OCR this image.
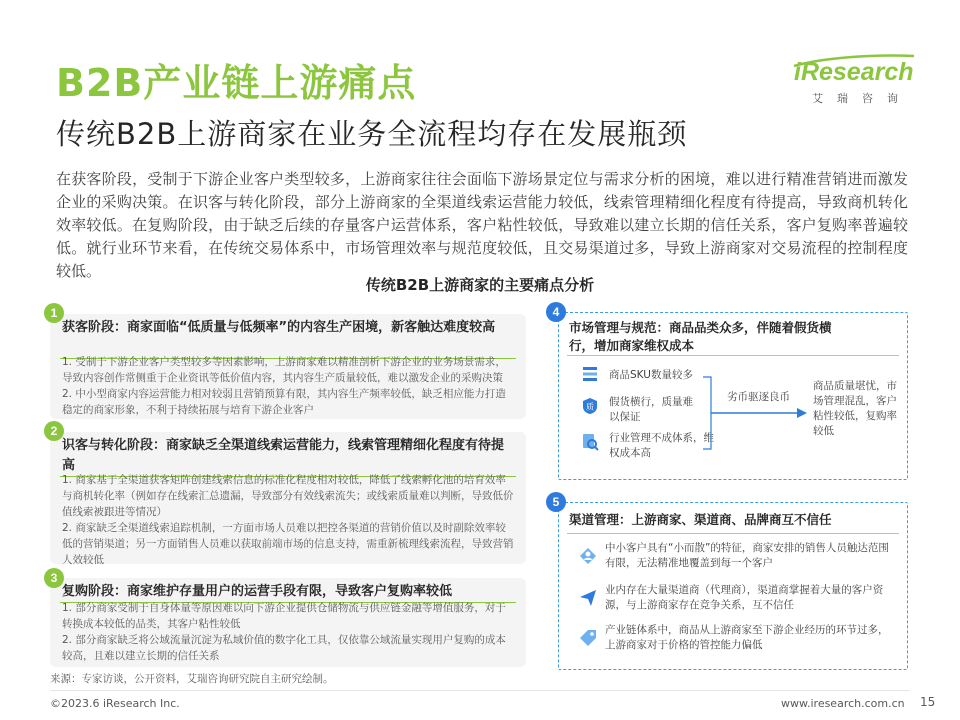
B2B产业链上游痛点
传统B2B上游商家在业务全流程均存在发展瓶颈
iResearch
艾瑞咨询
在获客阶段，受制于下游企业客户类型较多，上游商家往往会面临下游场景定位与需求分析的困境，难以进行精准营销进而激发企业的采购决策。在识客与转化阶段，部分上游商家的全渠道线索运营能力较低，线索管理精细化程度有待提高，导致商机转化效率较低。在复购阶段，由于缺乏后续的存量客户运营体系，客户粘性较低，导致难以建立长期的信任关系，客户复购率普遍较低。就行业环节来看，在传统交易体系中，市场管理效率与规范度较低，且交易渠道过多，导致上游商家对交易流程的控制程度较低。
传统B2B上游商家的主要痛点分析
获客阶段：商家面临“低质量与低频率”的内容生产困境，新客触达难度较高
1. 受制于下游企业客户类型较多等因素影响，上游商家难以精准剖析下游企业的业务场景需求，导致内容创作常侧重于企业资讯等低价值内容，其内容生产质量较低，难以激发企业的采购决策
2. 中小型商家内容运营能力相对较弱且营销预算有限，其内容生产频率较低，缺乏相应能力打造稳定的商家形象，不利于持续拓展与培育下游企业客户
1
识客与转化阶段：商家缺乏全渠道线索运营能力，线索管理精细化程度有待提高
1. 商家基于全渠道获客矩阵创建线索信息的标准化程度相对较低，降低了线索孵化池的培育效率与商机转化率（例如存在线索汇总遗漏，导致部分有效线索流失；或线索质量难以判断，导致低价值线索被跟进等情况）
2. 商家缺乏全渠道线索追踪机制，一方面市场人员难以把控各渠道的营销价值以及时副除效率较低的营销渠道；另一方面销售人员难以获取前端市场的信息支持，需重新梳理线索流程，导致营销人效较低
2
复购阶段：商家维护存量用户的运营手段有限，导致客户复购率较低
1. 部分商家受制于自身体量等原因难以向下游企业提供仓储物流与供应链金融等增值服务，对于转换成本较低的品类，其客户粘性较低
2. 部分商家缺乏将公域流量沉淀为私域价值的数字化工具，仅依靠公域流量实现用户复购的成本较高，且难以建立长期的信任关系
3
来源：专家访谈，公开资料，艾瑞咨询研究院自主研究绘制。
市场管理与规范：商品品类众多，伴随着假货横行，增加商家维权成本
商品SKU数量较多
质 假货横行，质量难以保证
行业管理不成体系，维权成本高
劣币驱逐良币
商品质量堪忧，市场管理混乱，客户粘性较低，复购率较低
4
渠道管理：上游商家、渠道商、品牌商互不信任
中小客户具有“小而散”的特征，商家安排的销售人员触达范围有限，无法精准地覆盖到每一个客户
业内存在大量渠道商（代理商），渠道商掌握着大量的客户资源，与上游商家存在竞争关系，互不信任
产业链体系中，商品从上游商家至下游企业经历的环节过多，上游商家对于价格的管控能力偏低
5
©2023.6 iResearch Inc.	www.iresearch.com.cn 15
